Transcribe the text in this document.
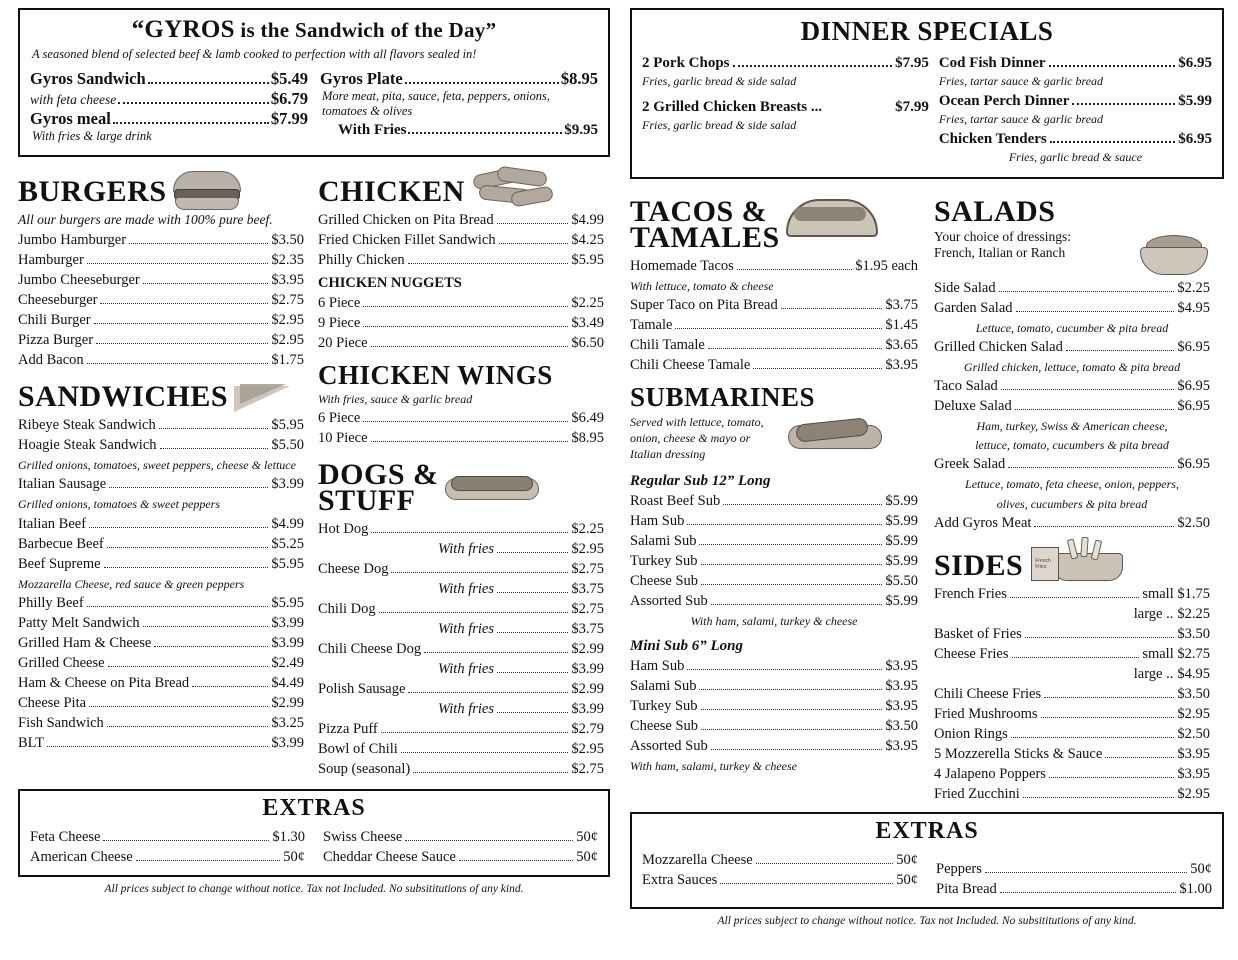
“GYROS is the Sandwich of the Day”
A seasoned blend of selected beef & lamb cooked to perfection with all flavors sealed in!
Gyros Sandwich	$5.49
with feta cheese	$6.79
Gyros meal	$7.99
With fries & large drink
Gyros Plate	$8.95
More meat, pita, sauce, feta, peppers, onions, tomatoes & olives
With Fries	$9.95
BURGERS
All our burgers are made with 100% pure beef.
Jumbo Hamburger	$3.50
Hamburger	$2.35
Jumbo Cheeseburger	$3.95
Cheeseburger	$2.75
Chili Burger	$2.95
Pizza Burger	$2.95
Add Bacon	$1.75
SANDWICHES
Ribeye Steak Sandwich	$5.95
Hoagie Steak Sandwich	$5.50
Grilled onions, tomatoes, sweet peppers, cheese & lettuce
Italian Sausage	$3.99
Grilled onions, tomatoes & sweet peppers
Italian Beef	$4.99
Barbecue Beef	$5.25
Beef Supreme	$5.95
Mozzarella Cheese, red sauce & green peppers
Philly Beef	$5.95
Patty Melt Sandwich	$3.99
Grilled Ham & Cheese	$3.99
Grilled Cheese	$2.49
Ham & Cheese on Pita Bread	$4.49
Cheese Pita	$2.99
Fish Sandwich	$3.25
BLT	$3.99
CHICKEN
Grilled Chicken on Pita Bread	$4.99
Fried Chicken Fillet Sandwich	$4.25
Philly Chicken	$5.95
CHICKEN NUGGETS
6 Piece	$2.25
9 Piece	$3.49
20 Piece	$6.50
CHICKEN WINGS
With fries, sauce & garlic bread
6 Piece	$6.49
10 Piece	$8.95
DOGS &
STUFF
Hot Dog	$2.25
With fries	$2.95
Cheese Dog	$2.75
With fries	$3.75
Chili Dog	$2.75
With fries	$3.75
Chili Cheese Dog	$2.99
With fries	$3.99
Polish Sausage	$2.99
With fries	$3.99
Pizza Puff	$2.79
Bowl of Chili	$2.95
Soup (seasonal)	$2.75
EXTRAS
Feta Cheese	$1.30
American Cheese	50¢
Swiss Cheese	50¢
Cheddar Cheese Sauce	50¢
All prices subject to change without notice. Tax not Included. No subsititutions of any kind.
DINNER SPECIALS
2 Pork Chops	$7.95
Fries, garlic bread & side salad
2 Grilled Chicken Breasts ...	$7.99
Fries, garlic bread & side salad
Cod Fish Dinner	$6.95
Fries, tartar sauce & garlic bread
Ocean Perch Dinner	$5.99
Fries, tartar sauce & garlic bread
Chicken Tenders	$6.95
Fries, garlic bread & sauce
TACOS &
TAMALES
Homemade Tacos	$1.95 each
With lettuce, tomato & cheese
Super Taco on Pita Bread	$3.75
Tamale	$1.45
Chili Tamale	$3.65
Chili Cheese Tamale	$3.95
SUBMARINES
Served with lettuce, tomato, onion, cheese & mayo or Italian dressing
Regular Sub 12” Long
Roast Beef Sub	$5.99
Ham Sub	$5.99
Salami Sub	$5.99
Turkey Sub	$5.99
Cheese Sub	$5.50
Assorted Sub	$5.99
With ham, salami, turkey & cheese
Mini Sub 6” Long
Ham Sub	$3.95
Salami Sub	$3.95
Turkey Sub	$3.95
Cheese Sub	$3.50
Assorted Sub	$3.95
With ham, salami, turkey & cheese
SALADS
Your choice of dressings:
French, Italian or Ranch
Side Salad	$2.25
Garden Salad	$4.95
Lettuce, tomato, cucumber & pita bread
Grilled Chicken Salad	$6.95
Grilled chicken, lettuce, tomato & pita bread
Taco Salad	$6.95
Deluxe Salad	$6.95
Ham, turkey, Swiss & American cheese,
lettuce, tomato, cucumbers & pita bread
Greek Salad	$6.95
Lettuce, tomato, feta cheese, onion, peppers,
olives, cucumbers & pita bread
Add Gyros Meat	$2.50
SIDES French Fries
French Fries	small $1.75
large .. $2.25
Basket of Fries	$3.50
Cheese Fries	small $2.75
large .. $4.95
Chili Cheese Fries	$3.50
Fried Mushrooms	$2.95
Onion Rings	$2.50
5 Mozzerella Sticks & Sauce	$3.95
4 Jalapeno Poppers	$3.95
Fried Zucchini	$2.95
EXTRAS
Mozzarella Cheese	50¢
Extra Sauces	50¢
Peppers	50¢
Pita Bread	$1.00
All prices subject to change without notice. Tax not Included. No subsititutions of any kind.
